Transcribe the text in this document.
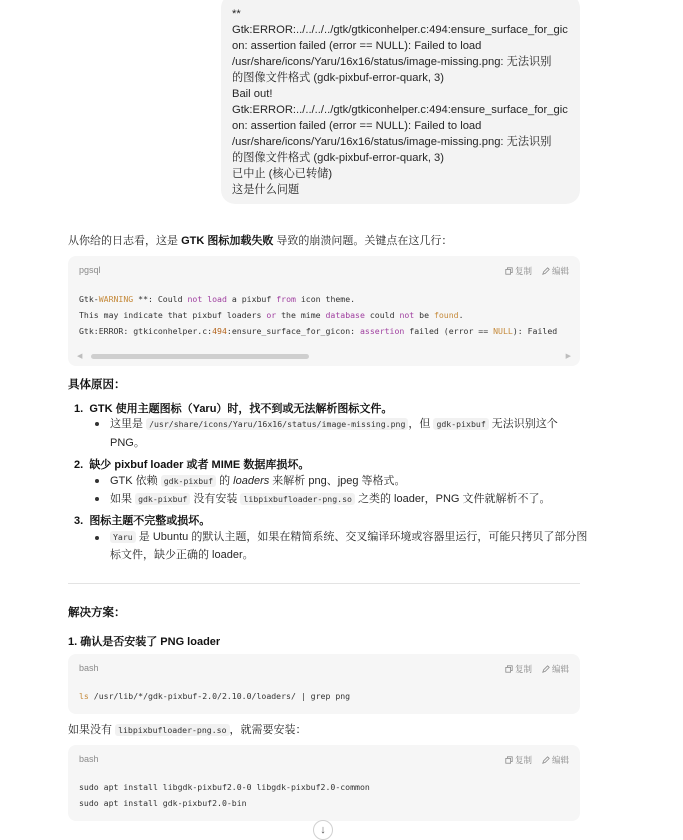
**
Gtk:ERROR:../../../../gtk/gtkiconhelper.c:494:ensure_surface_for_gic
on: assertion failed (error == NULL): Failed to load
/usr/share/icons/Yaru/16x16/status/image-missing.png: 无法识别
的图像文件格式 (gdk-pixbuf-error-quark, 3)
Bail out!
Gtk:ERROR:../../../../gtk/gtkiconhelper.c:494:ensure_surface_for_gic
on: assertion failed (error == NULL): Failed to load
/usr/share/icons/Yaru/16x16/status/image-missing.png: 无法识别
的图像文件格式 (gdk-pixbuf-error-quark, 3)
已中止 (核心已转储)
这是什么问题
从你给的日志看，这是 GTK 图标加载失败 导致的崩溃问题。关键点在这几行：
pgsql	复制 编辑
Gtk-WARNING **: Could not load a pixbuf from icon theme.
This may indicate that pixbuf loaders or the mime database could not be found.
Gtk:ERROR: gtkiconhelper.c:494:ensure_surface_for_gicon: assertion failed (error == NULL): Failed
◀	▶
具体原因：
1. GTK 使用主题图标（Yaru）时，找不到或无法解析图标文件。
这里是 /usr/share/icons/Yaru/16x16/status/image-missing.png ，但 gdk-pixbuf 无法识别这个
PNG。
2. 缺少 pixbuf loader 或者 MIME 数据库损坏。
GTK 依赖 gdk-pixbuf 的 loaders 来解析 png、jpeg 等格式。
如果 gdk-pixbuf 没有安装 libpixbufloader-png.so 之类的 loader，PNG 文件就解析不了。
3. 图标主题不完整或损坏。
Yaru 是 Ubuntu 的默认主题，如果在精简系统、交叉编译环境或容器里运行，可能只拷贝了部分图
标文件，缺少正确的 loader。
解决方案：
1. 确认是否安装了 PNG loader
bash	复制 编辑
ls /usr/lib/*/gdk-pixbuf-2.0/2.10.0/loaders/ | grep png
如果没有 libpixbufloader-png.so ，就需要安装：
bash	复制 编辑
sudo apt install libgdk-pixbuf2.0-0 libgdk-pixbuf2.0-common
sudo apt install gdk-pixbuf2.0-bin
↓
